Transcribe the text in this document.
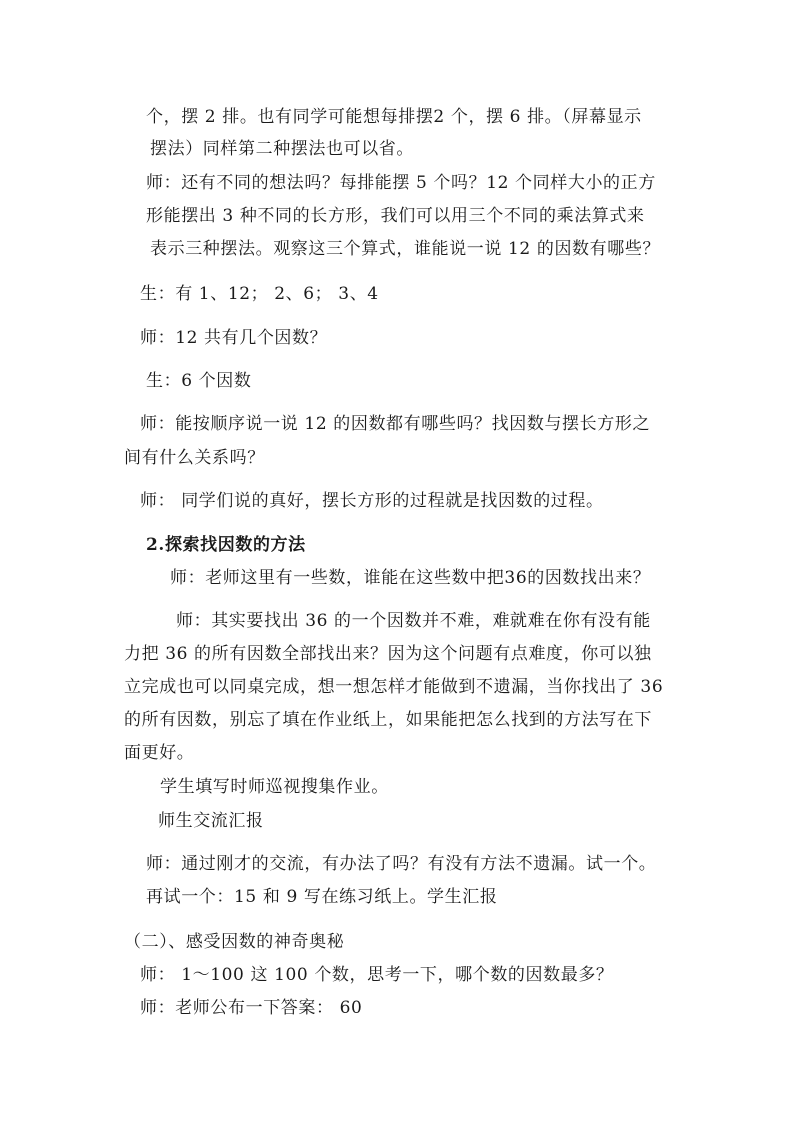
个，摆 2 排。也有同学可能想每排摆2 个，摆 6 排。（屏幕显示
摆法）同样第二种摆法也可以省。
师：还有不同的想法吗？每排能摆 5 个吗？12 个同样大小的正方
形能摆出 3 种不同的长方形，我们可以用三个不同的乘法算式来
表示三种摆法。观察这三个算式，谁能说一说 12 的因数有哪些？
生：有 1、12； 2、6； 3、4
师：12 共有几个因数？
生：6 个因数
师：能按顺序说一说 12 的因数都有哪些吗？找因数与摆长方形之
间有什么关系吗？
师： 同学们说的真好，摆长方形的过程就是找因数的过程。
2.探索找因数的方法
师：老师这里有一些数，谁能在这些数中把36的因数找出来？
师：其实要找出 36 的一个因数并不难，难就难在你有没有能
力把 36 的所有因数全部找出来？因为这个问题有点难度，你可以独
立完成也可以同桌完成，想一想怎样才能做到不遗漏，当你找出了 36
的所有因数，别忘了填在作业纸上，如果能把怎么找到的方法写在下
面更好。
学生填写时师巡视搜集作业。
师生交流汇报
师：通过刚才的交流，有办法了吗？有没有方法不遗漏。试一个。
再试一个：15 和 9 写在练习纸上。学生汇报
（二）、感受因数的神奇奥秘
师： 1～100 这 100 个数，思考一下，哪个数的因数最多？
师：老师公布一下答案： 60
